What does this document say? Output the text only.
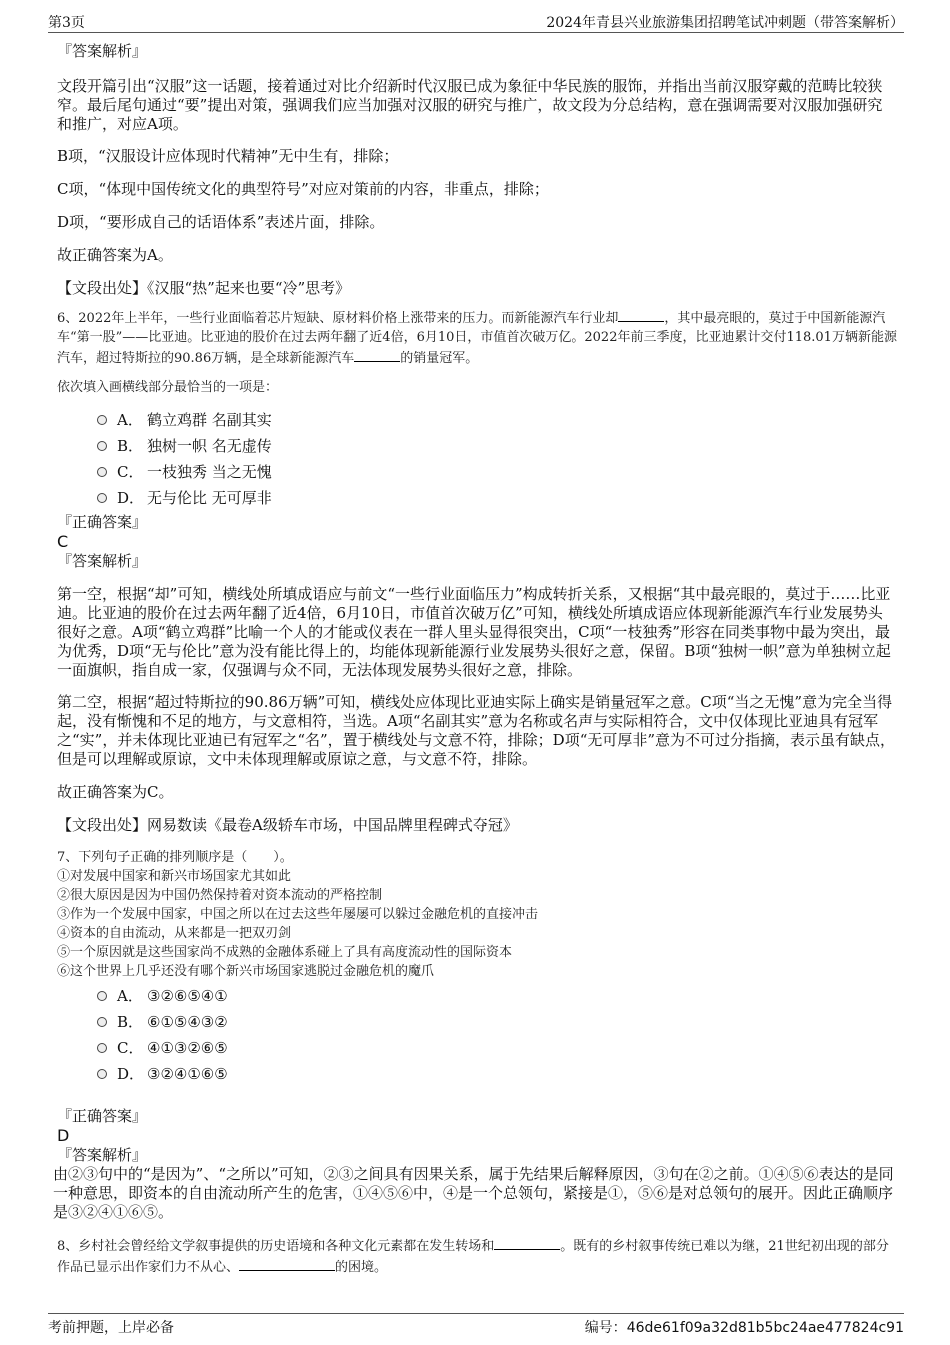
第3页	2024年青县兴业旅游集团招聘笔试冲刺题（带答案解析）
『答案解析』

文段开篇引出“汉服”这一话题，接着通过对比介绍新时代汉服已成为象征中华民族的服饰，并指出当前汉服穿戴的范畴比较狭窄。最后尾句通过“要”提出对策，强调我们应当加强对汉服的研究与推广，故文段为分总结构，意在强调需要对汉服加强研究和推广，对应A项。

B项，“汉服设计应体现时代精神”无中生有，排除；

C项，“体现中国传统文化的典型符号”对应对策前的内容，非重点，排除；

D项，“要形成自己的话语体系”表述片面，排除。

故正确答案为A。

【文段出处】《汉服“热”起来也要“冷”思考》

6、2022年上半年，一些行业面临着芯片短缺、原材料价格上涨带来的压力。而新能源汽车行业却	，其中最亮眼的，莫过于中国新能源汽车“第一股”——比亚迪。比亚迪的股价在过去两年翻了近4倍，6月10日，市值首次破万亿。2022年前三季度，比亚迪累计交付118.01万辆新能源汽车，超过特斯拉的90.86万辆，是全球新能源汽车	的销量冠军。

依次填入画横线部分最恰当的一项是：

A． 鹤立鸡群 名副其实
B． 独树一帜 名无虚传
C． 一枝独秀 当之无愧
D． 无与伦比 无可厚非
『正确答案』
C
『答案解析』

第一空，根据“却”可知，横线处所填成语应与前文“一些行业面临压力”构成转折关系，又根据“其中最亮眼的，莫过于……比亚迪。比亚迪的股价在过去两年翻了近4倍，6月10日，市值首次破万亿”可知，横线处所填成语应体现新能源汽车行业发展势头很好之意。A项“鹤立鸡群”比喻一个人的才能或仪表在一群人里头显得很突出，C项“一枝独秀”形容在同类事物中最为突出，最为优秀，D项“无与伦比”意为没有能比得上的，均能体现新能源行业发展势头很好之意，保留。B项“独树一帜”意为单独树立起一面旗帜，指自成一家，仅强调与众不同，无法体现发展势头很好之意，排除。

第二空，根据“超过特斯拉的90.86万辆”可知，横线处应体现比亚迪实际上确实是销量冠军之意。C项“当之无愧”意为完全当得起，没有惭愧和不足的地方，与文意相符，当选。A项“名副其实”意为名称或名声与实际相符合，文中仅体现比亚迪具有冠军之“实”，并未体现比亚迪已有冠军之“名”，置于横线处与文意不符，排除；D项“无可厚非”意为不可过分指摘，表示虽有缺点，但是可以理解或原谅，文中未体现理解或原谅之意，与文意不符，排除。

故正确答案为C。

【文段出处】网易数读《最卷A级轿车市场，中国品牌里程碑式夺冠》

7、下列句子正确的排列顺序是（　　）。

①对发展中国家和新兴市场国家尤其如此

②很大原因是因为中国仍然保持着对资本流动的严格控制

③作为一个发展中国家，中国之所以在过去这些年屡屡可以躲过金融危机的直接冲击

④资本的自由流动，从来都是一把双刃剑

⑤一个原因就是这些国家尚不成熟的金融体系碰上了具有高度流动性的国际资本

⑥这个世界上几乎还没有哪个新兴市场国家逃脱过金融危机的魔爪

A． ③②⑥⑤④①
B． ⑥①⑤④③②
C． ④①③②⑥⑤
D． ③②④①⑥⑤
『正确答案』
D
『答案解析』

由②③句中的“是因为”、“之所以”可知，②③之间具有因果关系，属于先结果后解释原因，③句在②之前。①④⑤⑥表达的是同一种意思，即资本的自由流动所产生的危害，①④⑤⑥中，④是一个总领句，紧接是①，⑤⑥是对总领句的展开。因此正确顺序是③②④①⑥⑤。

8、乡村社会曾经给文学叙事提供的历史语境和各种文化元素都在发生转场和	。既有的乡村叙事传统已难以为继，21世纪初出现的部分作品已显示出作家们力不从心、	的困境。

考前押题，上岸必备	编号：46de61f09a32d81b5bc24ae477824c91
